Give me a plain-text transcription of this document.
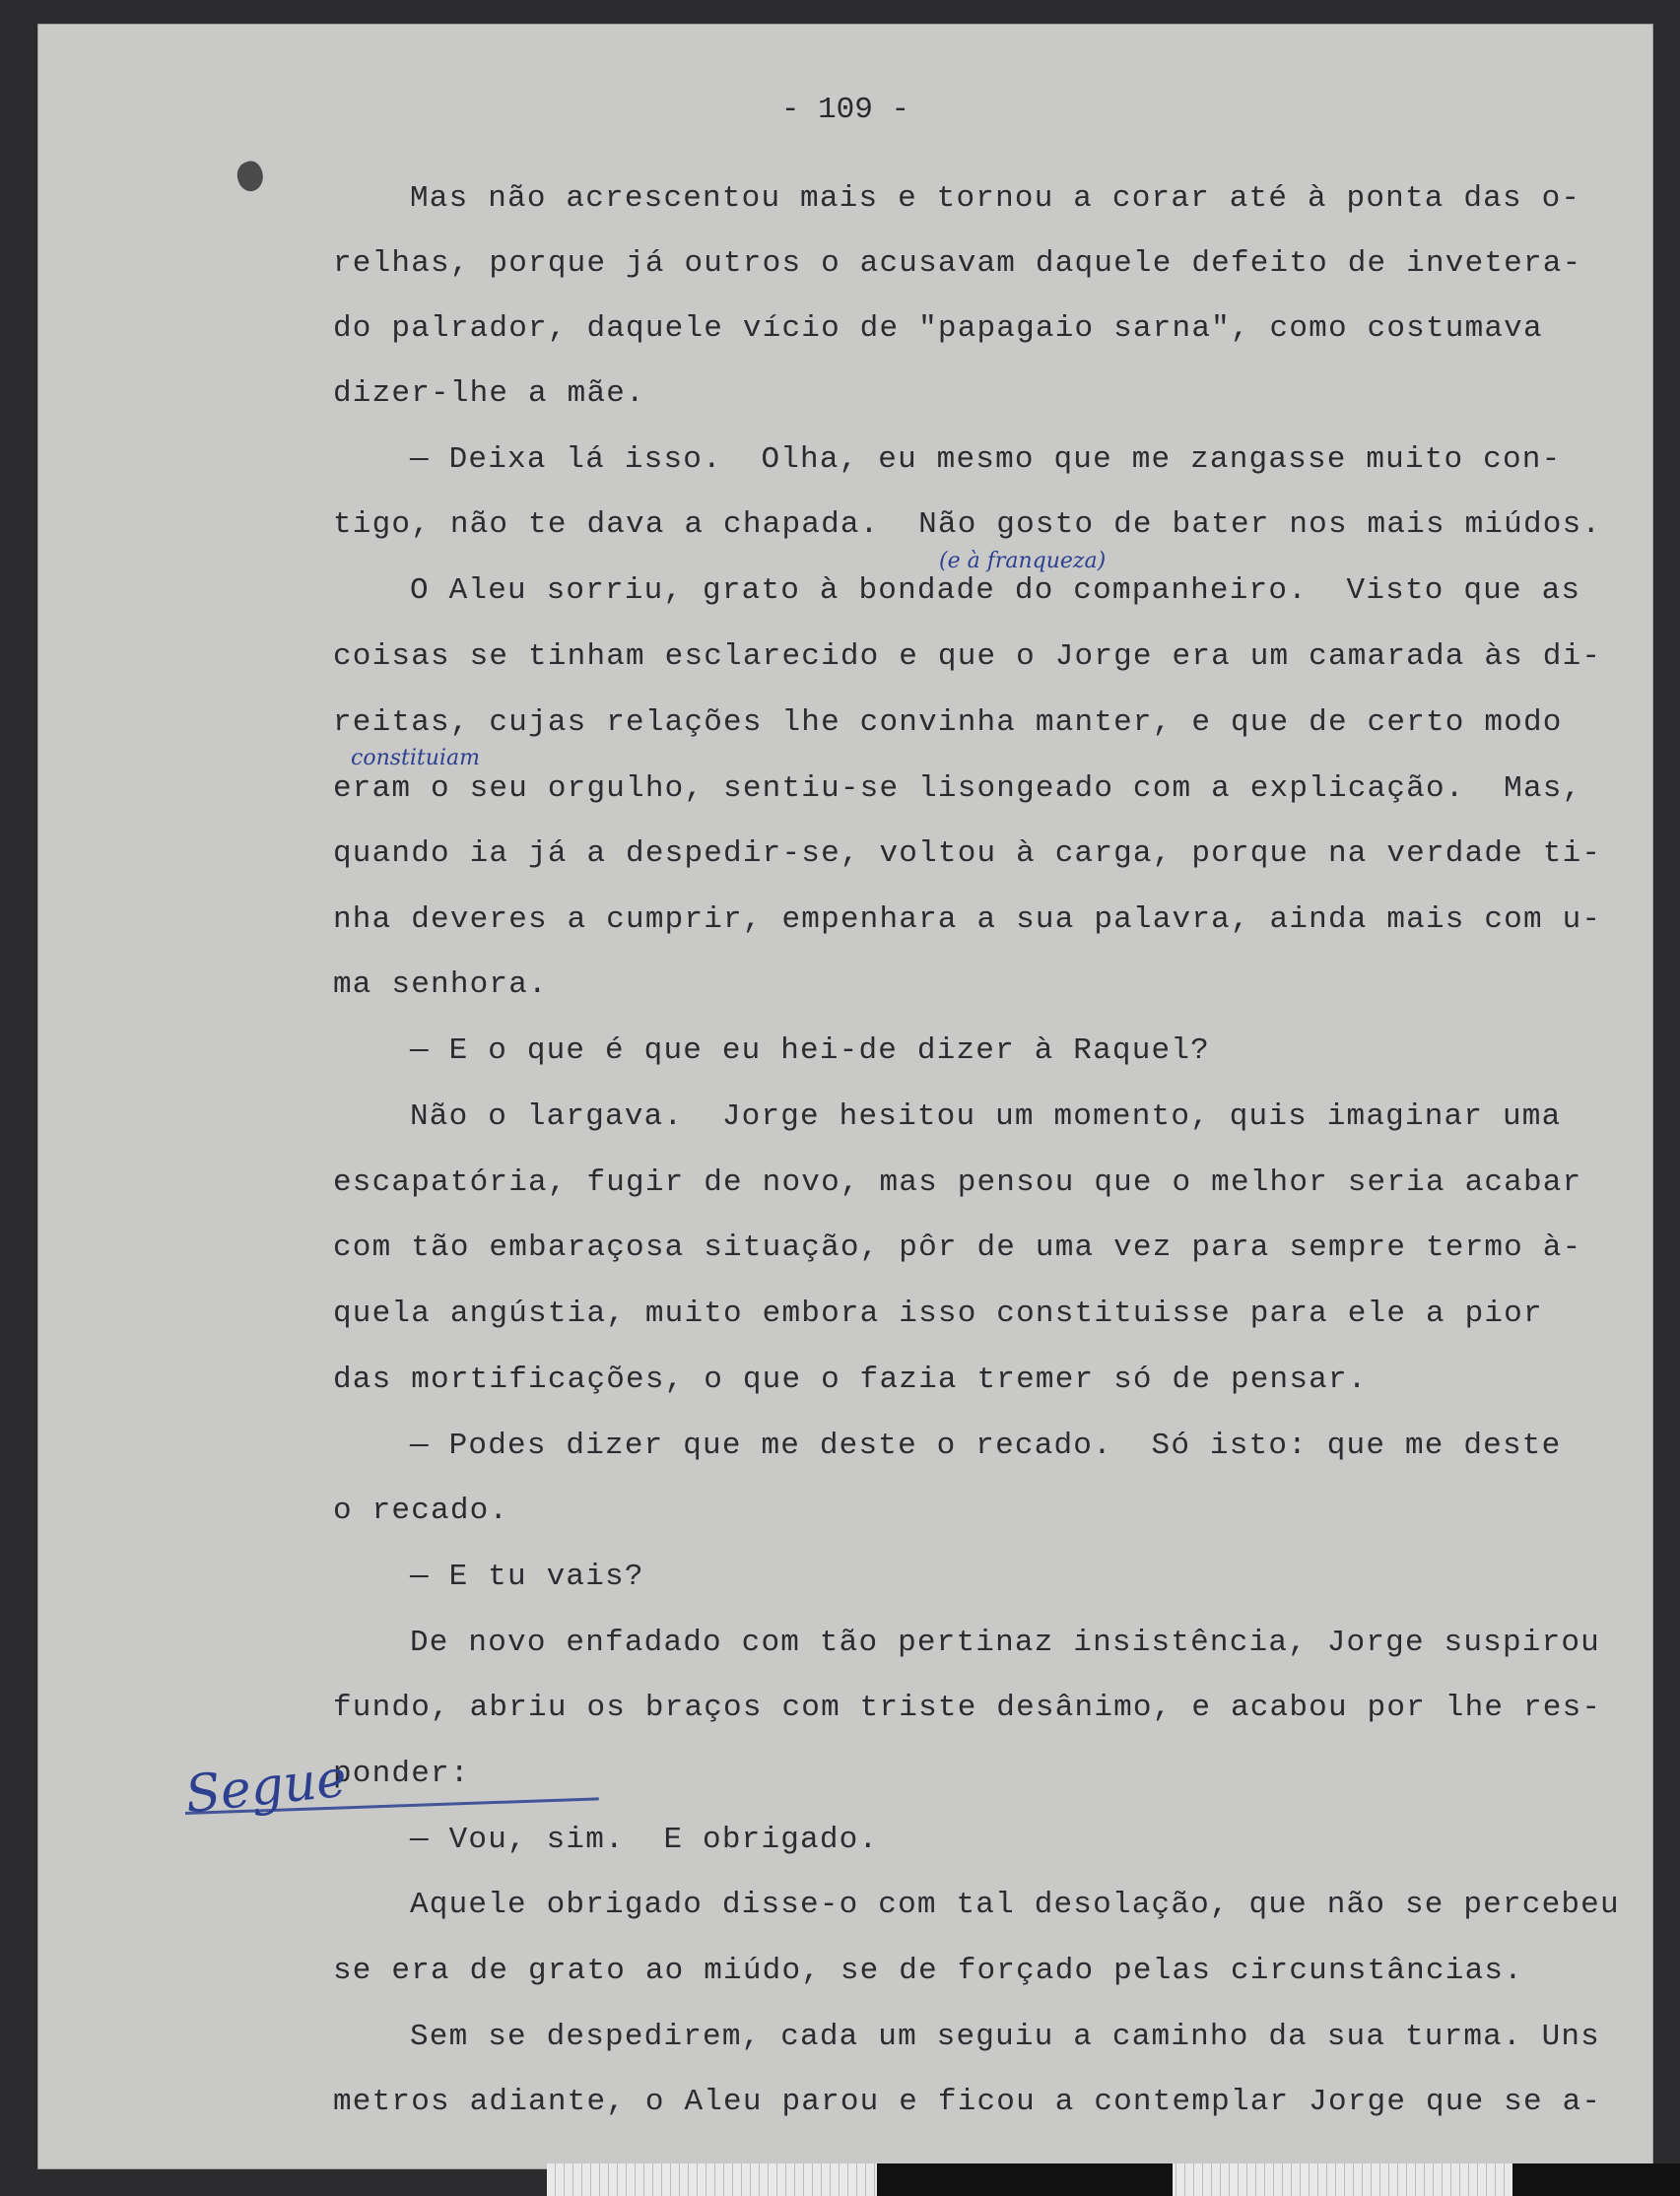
- 109 -
Mas não acrescentou mais e tornou a corar até à ponta das o-
relhas, porque já outros o acusavam daquele defeito de invetera-
do palrador, daquele vício de "papagaio sarna", como costumava
dizer-lhe a mãe.
— Deixa lá isso.  Olha, eu mesmo que me zangasse muito con-
tigo, não te dava a chapada.  Não gosto de bater nos mais miúdos.
O Aleu sorriu, grato à bondade do companheiro.  Visto que as
coisas se tinham esclarecido e que o Jorge era um camarada às di-
reitas, cujas relações lhe convinha manter, e que de certo modo
eram o seu orgulho, sentiu-se lisongeado com a explicação.  Mas,
quando ia já a despedir-se, voltou à carga, porque na verdade ti-
nha deveres a cumprir, empenhara a sua palavra, ainda mais com u-
ma senhora.
— E o que é que eu hei-de dizer à Raquel?
Não o largava.  Jorge hesitou um momento, quis imaginar uma
escapatória, fugir de novo, mas pensou que o melhor seria acabar
com tão embaraçosa situação, pôr de uma vez para sempre termo à-
quela angústia, muito embora isso constituisse para ele a pior
das mortificações, o que o fazia tremer só de pensar.
— Podes dizer que me deste o recado.  Só isto: que me deste
o recado.
— E tu vais?
De novo enfadado com tão pertinaz insistência, Jorge suspirou
fundo, abriu os braços com triste desânimo, e acabou por lhe res-
ponder:
— Vou, sim.  E obrigado.
Aquele obrigado disse-o com tal desolação, que não se percebeu
se era de grato ao miúdo, se de forçado pelas circunstâncias.
Sem se despedirem, cada um seguiu a caminho da sua turma. Uns
metros adiante, o Aleu parou e ficou a contemplar Jorge que se a-
(e à franqueza)
constituiam
Segue
